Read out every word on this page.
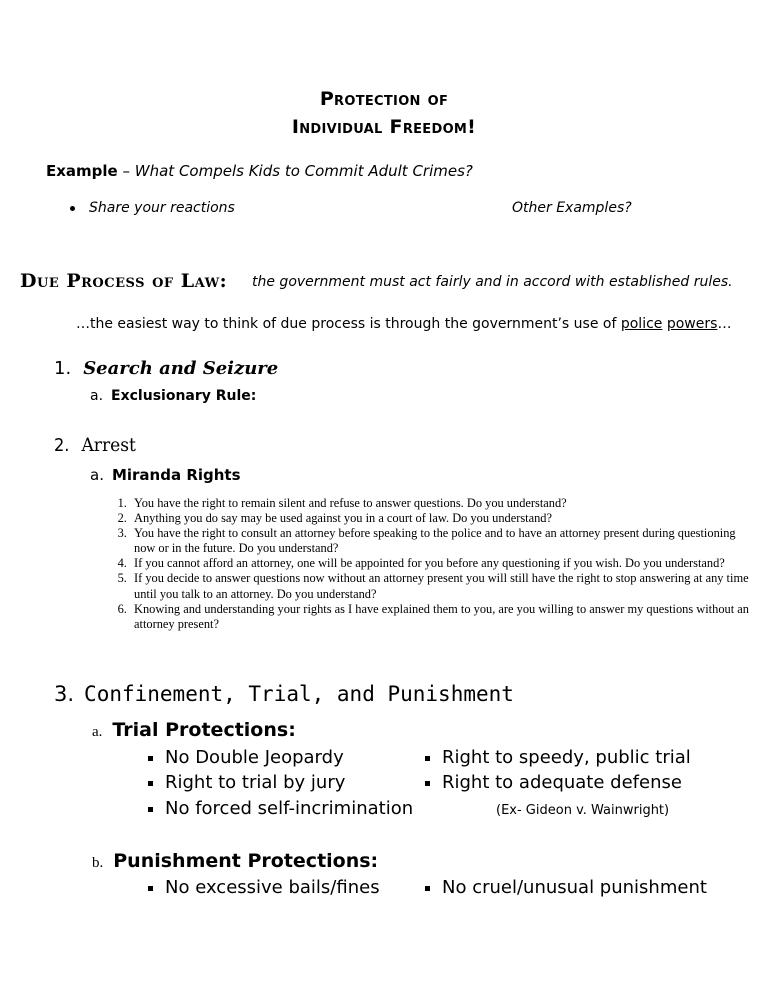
Protection of
Individual Freedom!
Example – What Compels Kids to Commit Adult Crimes?
Share your reactions	Other Examples?
Due Process of Law: the government must act fairly and in accord with established rules.
…the easiest way to think of due process is through the government’s use of police powers…
1. Search and Seizure
a. Exclusionary Rule:
2. Arrest
a. Miranda Rights
1. You have the right to remain silent and refuse to answer questions. Do you understand?
2. Anything you do say may be used against you in a court of law. Do you understand?
3. You have the right to consult an attorney before speaking to the police and to have an attorney present during questioning now or in the future. Do you understand?
4. If you cannot afford an attorney, one will be appointed for you before any questioning if you wish. Do you understand?
5. If you decide to answer questions now without an attorney present you will still have the right to stop answering at any time until you talk to an attorney. Do you understand?
6. Knowing and understanding your rights as I have explained them to you, are you willing to answer my questions without an attorney present?
3. Confinement, Trial, and Punishment
a. Trial Protections:
No Double Jeopardy	Right to speedy, public trial
Right to trial by jury	Right to adequate defense
No forced self-incrimination	(Ex- Gideon v. Wainwright)
b. Punishment Protections:
No excessive bails/fines	No cruel/unusual punishment
